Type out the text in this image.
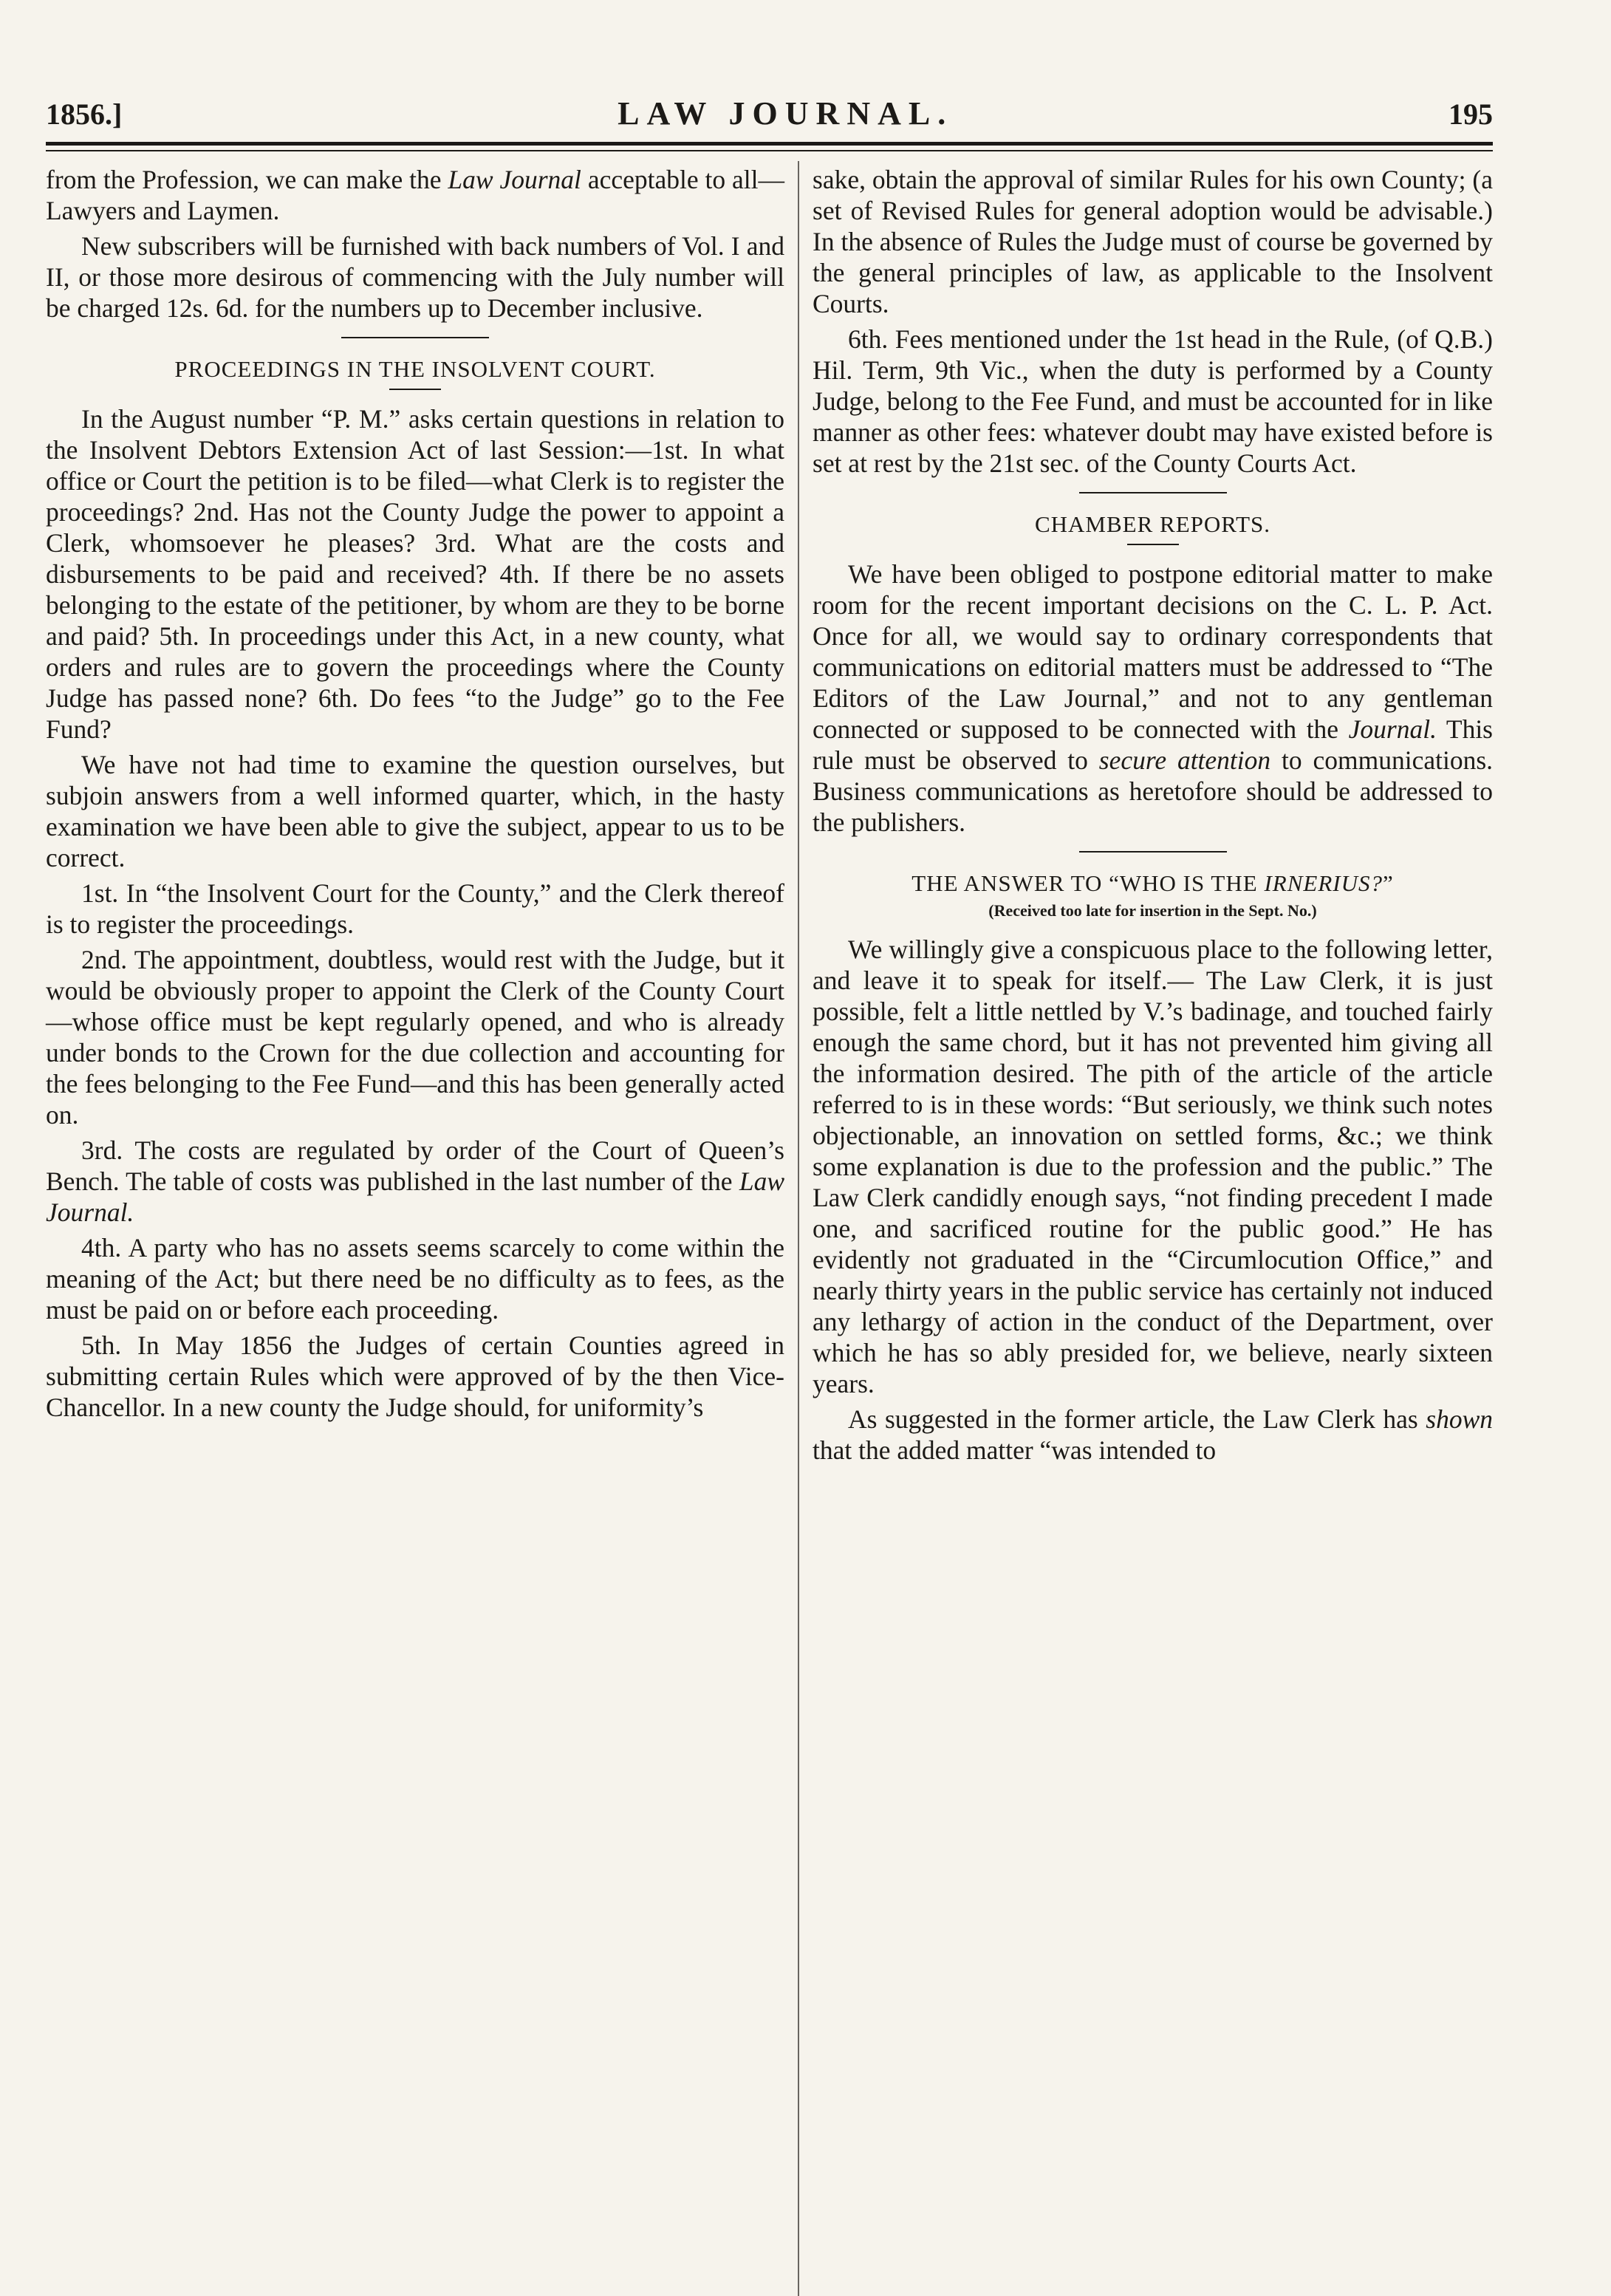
1856.]	LAW JOURNAL.	195

from the Profession, we can make the Law Journal acceptable to all—Lawyers and Laymen.

New subscribers will be furnished with back numbers of Vol. I and II, or those more desirous of commencing with the July number will be charged 12s. 6d. for the numbers up to December inclusive.

PROCEEDINGS IN THE INSOLVENT COURT.

In the August number “P. M.” asks certain questions in relation to the Insolvent Debtors Extension Act of last Session:—1st. In what office or Court the petition is to be filed—what Clerk is to register the proceedings? 2nd. Has not the County Judge the power to appoint a Clerk, whomsoever he pleases? 3rd. What are the costs and disbursements to be paid and received? 4th. If there be no assets belonging to the estate of the petitioner, by whom are they to be borne and paid? 5th. In proceedings under this Act, in a new county, what orders and rules are to govern the proceedings where the County Judge has passed none? 6th. Do fees “to the Judge” go to the Fee Fund?

We have not had time to examine the question ourselves, but subjoin answers from a well informed quarter, which, in the hasty examination we have been able to give the subject, appear to us to be correct.

1st. In “the Insolvent Court for the County,” and the Clerk thereof is to register the proceedings.

2nd. The appointment, doubtless, would rest with the Judge, but it would be obviously proper to appoint the Clerk of the County Court—whose office must be kept regularly opened, and who is already under bonds to the Crown for the due collection and accounting for the fees belonging to the Fee Fund—and this has been generally acted on.

3rd. The costs are regulated by order of the Court of Queen’s Bench. The table of costs was published in the last number of the Law Journal.

4th. A party who has no assets seems scarcely to come within the meaning of the Act; but there need be no difficulty as to fees, as the must be paid on or before each proceeding.

5th. In May 1856 the Judges of certain Counties agreed in submitting certain Rules which were approved of by the then Vice-Chancellor. In a new county the Judge should, for uniformity’s

sake, obtain the approval of similar Rules for his own County; (a set of Revised Rules for general adoption would be advisable.) In the absence of Rules the Judge must of course be governed by the general principles of law, as applicable to the Insolvent Courts.

6th. Fees mentioned under the 1st head in the Rule, (of Q.B.) Hil. Term, 9th Vic., when the duty is performed by a County Judge, belong to the Fee Fund, and must be accounted for in like manner as other fees: whatever doubt may have existed before is set at rest by the 21st sec. of the County Courts Act.

CHAMBER REPORTS.

We have been obliged to postpone editorial matter to make room for the recent important decisions on the C. L. P. Act. Once for all, we would say to ordinary correspondents that communications on editorial matters must be addressed to “The Editors of the Law Journal,” and not to any gentleman connected or supposed to be connected with the Journal. This rule must be observed to secure attention to communications. Business communications as heretofore should be addressed to the publishers.

THE ANSWER TO “WHO IS THE IRNERIUS?”
(Received too late for insertion in the Sept. No.)

We willingly give a conspicuous place to the following letter, and leave it to speak for itself.— The Law Clerk, it is just possible, felt a little nettled by V.’s badinage, and touched fairly enough the same chord, but it has not prevented him giving all the information desired. The pith of the article of the article referred to is in these words: “But seriously, we think such notes objectionable, an innovation on settled forms, &c.; we think some explanation is due to the profession and the public.” The Law Clerk candidly enough says, “not finding precedent I made one, and sacrificed routine for the public good.” He has evidently not graduated in the “Circumlocution Office,” and nearly thirty years in the public service has certainly not induced any lethargy of action in the conduct of the Department, over which he has so ably presided for, we believe, nearly sixteen years.

As suggested in the former article, the Law Clerk has shown that the added matter “was intended to
